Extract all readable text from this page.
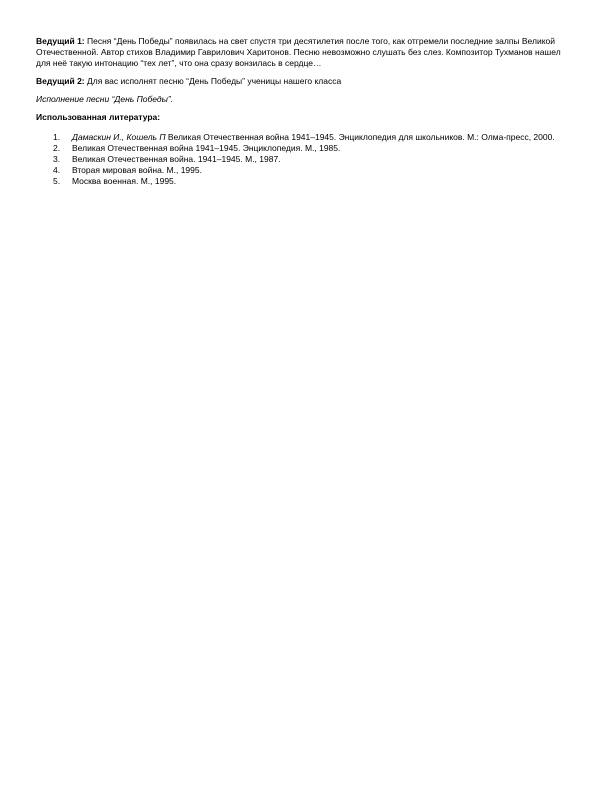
Ведущий 1: Песня “День Победы” появилась на свет спустя три десятилетия после того, как отгремели последние залпы Великой Отечественной. Автор стихов Владимир Гаврилович Харитонов. Песню невозможно слушать без слез. Композитор Тухманов нашел для неё такую интонацию “тех лет”, что она сразу вонзилась в сердце…

Ведущий 2: Для вас исполнят песню “День Победы” ученицы нашего класса

Исполнение песни “День Победы”.

Использованная литература:

1. Дамаскин И., Кошель П Великая Отечественная война 1941–1945. Энциклопедия для школьников. М.: Олма-пресс, 2000.
2. Великая Отечественная война 1941–1945. Энциклопедия. М., 1985.
3. Великая Отечественная война. 1941–1945. М., 1987.
4. Вторая мировая война. М., 1995.
5. Москва военная. М., 1995.
